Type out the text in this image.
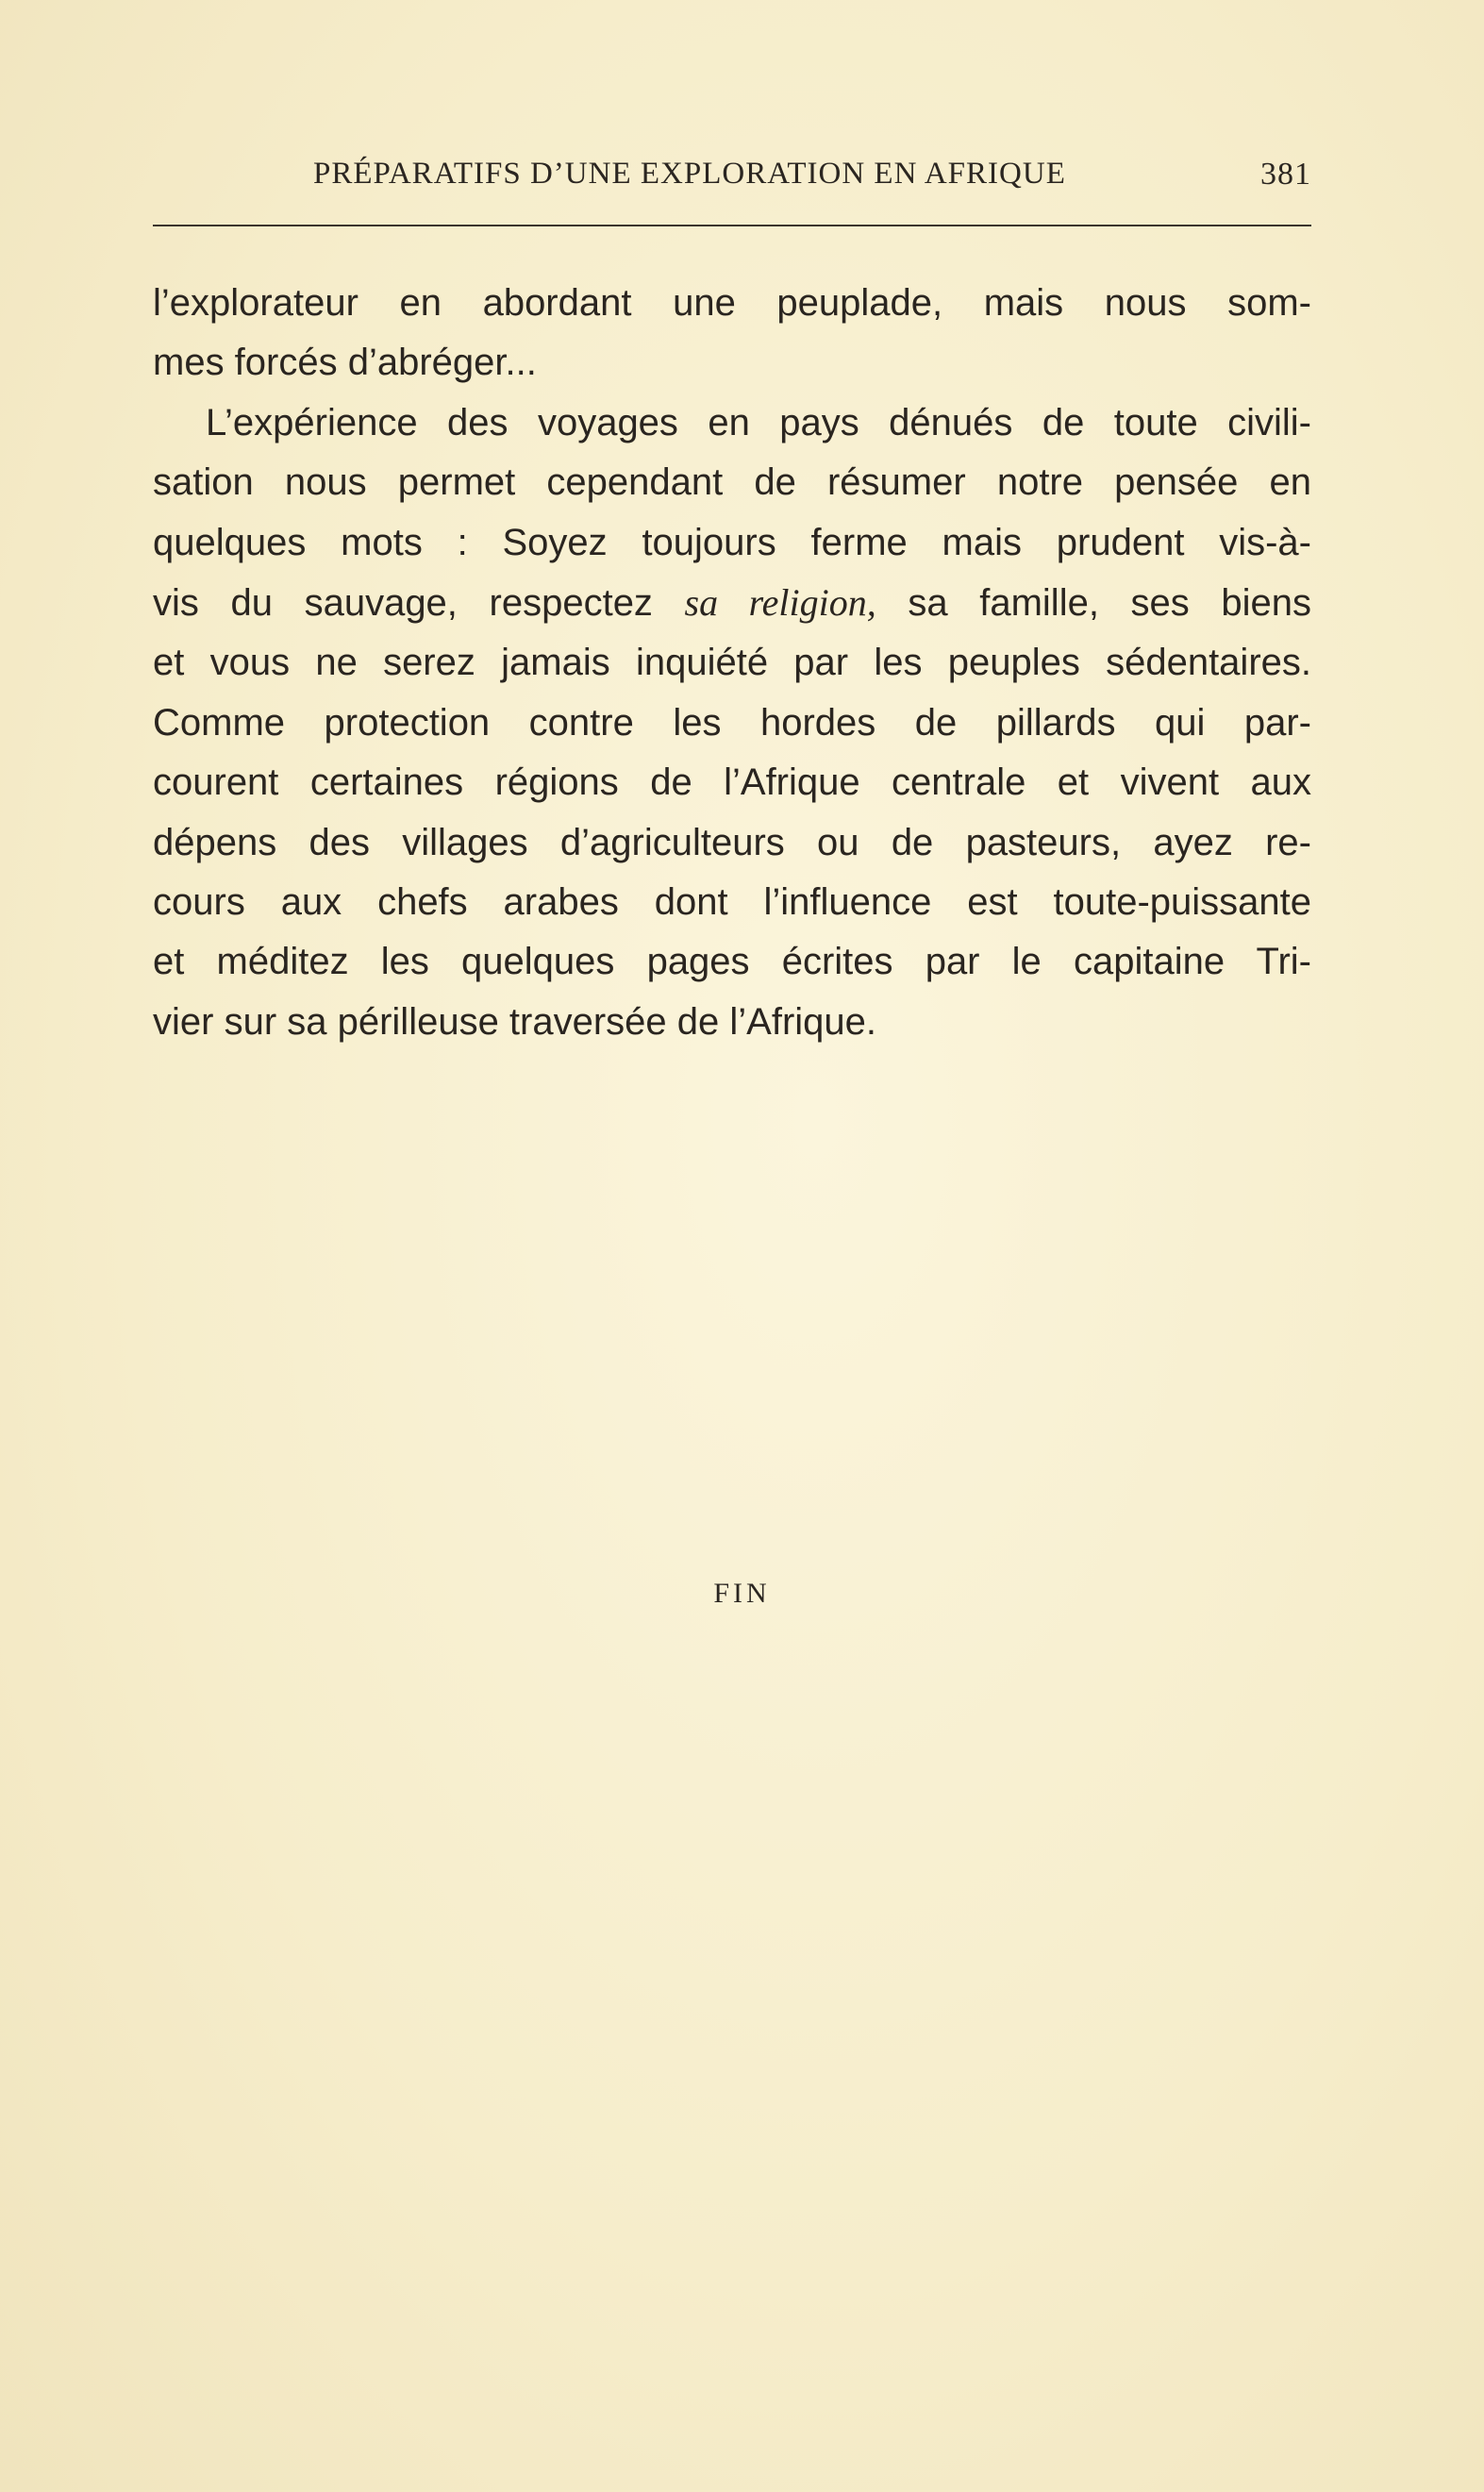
PRÉPARATIFS D’UNE EXPLORATION EN AFRIQUE	381
l’explorateur en abordant une peuplade, mais nous som-
mes forcés d’abréger...
L’expérience des voyages en pays dénués de toute civili-
sation nous permet cependant de résumer notre pensée en
quelques mots : Soyez toujours ferme mais prudent vis-à-
vis du sauvage, respectez sa religion, sa famille, ses biens
et vous ne serez jamais inquiété par les peuples sédentaires.
Comme protection contre les hordes de pillards qui par-
courent certaines régions de l’Afrique centrale et vivent aux
dépens des villages d’agriculteurs ou de pasteurs, ayez re-
cours aux chefs arabes dont l’influence est toute-puissante
et méditez les quelques pages écrites par le capitaine Tri-
vier sur sa périlleuse traversée de l’Afrique.
FIN
